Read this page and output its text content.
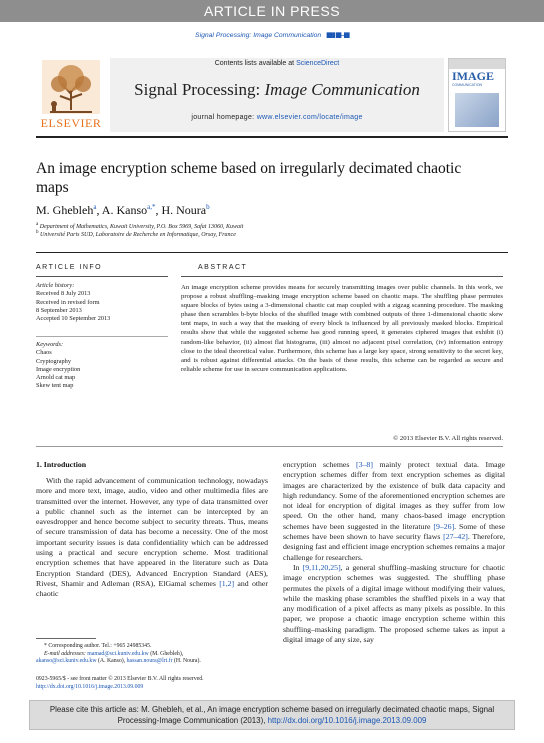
ARTICLE IN PRESS
Signal Processing: Image Communication ▮▮▮ ▮▮–▮▮
ELSEVIER
Contents lists available at ScienceDirect
Signal Processing: Image Communication
journal homepage: www.elsevier.com/locate/image
IMAGE
COMMUNICATION
An image encryption scheme based on irregularly decimated chaotic maps
M. Ghebleh$^a$, A. Kanso$^{a,*}$, H. Noura$^b$
$^a$ Department of Mathematics, Kuwait University, P.O. Box 5969, Safat 13060, Kuwait
$^b$ Université Paris SUD, Laboratoire de Recherche en Informatique, Orsay, France
ARTICLE INFO
Article history:
Received 8 July 2013
Received in revised form
8 September 2013
Accepted 10 September 2013
Keywords:
Chaos
Cryptography
Image encryption
Arnold cat map
Skew tent map
ABSTRACT
An image encryption scheme provides means for securely transmitting images over public channels. In this work, we propose a robust shuffling–masking image encryption scheme based on chaotic maps. The shuffling phase permutes square blocks of bytes using a 3-dimensional chaotic cat map coupled with a zigzag scanning procedure. The masking phase then scrambles b-byte blocks of the shuffled image with combined outputs of three 1-dimensional chaotic skew tent maps, in such a way that the masking of every block is influenced by all previously masked blocks. Empirical results show that while the suggested scheme has good running speed, it generates ciphered images that exhibit (i) random-like behavior, (ii) almost flat histograms, (iii) almost no adjacent pixel correlation, (iv) information entropy close to the ideal theoretical value. Furthermore, this scheme has a large key space, strong sensitivity to the secret key, and is robust against differential attacks. On the basis of these results, this scheme can be regarded as secure and reliable scheme for use in secure communication applications.
© 2013 Elsevier B.V. All rights reserved.
1. Introduction
With the rapid advancement of communication technology, nowadays more and more text, image, audio, video and other multimedia files are transmitted over the internet. However, any type of data transmitted over a public channel such as the internet can be intercepted by an eavesdropper and hence become subject to security threats. Thus, means of secure transmission of data has become a necessity. One of the most important security issues is data confidentiality which can be addressed using a practical and secure encryption scheme. Most traditional encryption schemes that have appeared in the literature such as Data Encryption Standard (DES), Advanced Encryption Standard (AES), Rivest, Shamir and Adleman (RSA), ElGamal schemes [1,2] and other chaotic
encryption schemes [3–8] mainly protect textual data. Image encryption schemes differ from text encryption schemes as digital images are characterized by the existence of bulk data capacity and high redundancy. Some of the aforementioned encryption schemes are not ideal for encryption of digital images as they suffer from low speed. On the other hand, many chaos-based image encryption schemes have been suggested in the literature [9–26]. Some of these schemes have been shown to have security flaws [27–42]. Therefore, designing fast and efficient image encryption schemes remains a major challenge for researchers.
In [9,11,20,25], a general shuffling–masking structure for chaotic image encryption schemes was suggested. The shuffling phase permutes the pixels of a digital image without modifying their values, while the masking phase scrambles the shuffled pixels in a way that any modification of a pixel affects as many pixels as possible. In this paper, we propose a chaotic image encryption scheme within this shuffling–masking paradigm. The proposed scheme takes as input a digital image of any size, say
* Corresponding author. Tel.: +965 24985345.
E-mail addresses: mamad@sci.kuniv.edu.kw (M. Ghebleh),
akanso@sci.kuniv.edu.kw (A. Kanso), hassan.noura@lri.fr (H. Noura).
0923-5965/$ - see front matter © 2013 Elsevier B.V. All rights reserved.
http://dx.doi.org/10.1016/j.image.2013.09.009
Please cite this article as: M. Ghebleh, et al., An image encryption scheme based on irregularly decimated chaotic maps, Signal Processing-Image Communication (2013), http://dx.doi.org/10.1016/j.image.2013.09.009
